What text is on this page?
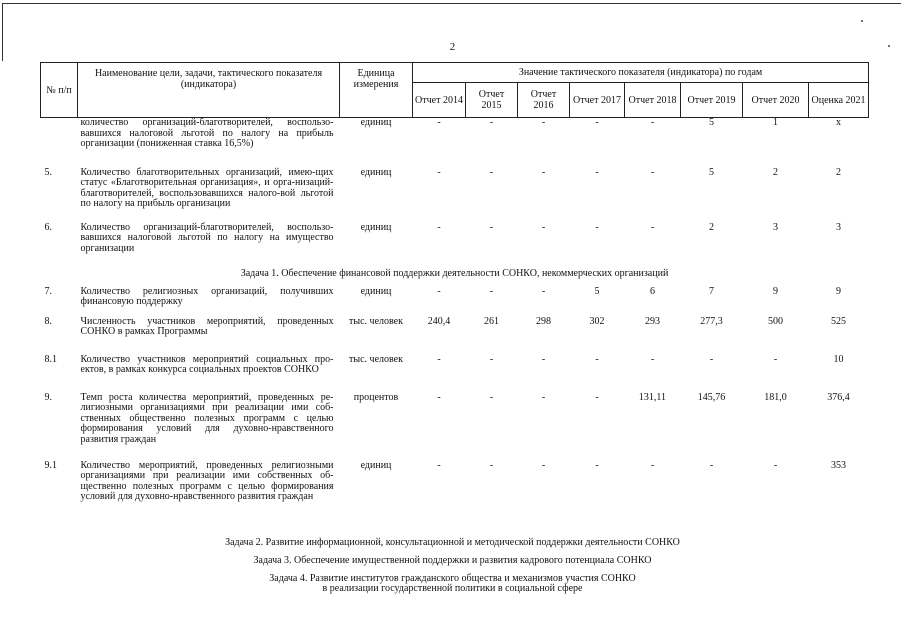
2
№ п/п	Наименование цели, задачи, тактического показателя (индикатора)	Единица измерения	Значение тактического показателя (индикатора) по годам							
			Отчет 2014	Отчет 2015	Отчет 2016	Отчет 2017	Отчет 2018	Отчет 2019	Отчет 2020	Оценка 2021
	количество организаций-благотворителей, воспользо-вавшихся налоговой льготой по налогу на прибыль организации (пониженная ставка 16,5%)	единиц	-	-	-	-	-	5	1	х
5.	Количество благотворительных организаций, имею-щих статус «Благотворительная организация», и орга-низаций-благотворителей, воспользовавшихся налого-вой льготой по налогу на прибыль организации	единиц	-	-	-	-	-	5	2	2
6.	Количество организаций-благотворителей, воспользо-вавшихся налоговой льготой по налогу на имущество организации	единиц	-	-	-	-	-	2	3	3
Задача 1. Обеспечение финансовой поддержки деятельности СОНКО, некоммерческих организаций										
7.	Количество религиозных организаций, получивших финансовую поддержку	единиц	-	-	-	5	6	7	9	9
8.	Численность участников мероприятий, проведенных СОНКО в рамках Программы	тыс. человек	240,4	261	298	302	293	277,3	500	525
8.1	Количество участников мероприятий социальных про-ектов, в рамках конкурса социальных проектов СОНКО	тыс. человек	-	-	-	-	-	-	-	10
9.	Темп роста количества мероприятий, проведенных ре-лигиозными организациями при реализации ими соб-ственных общественно полезных программ с целью формирования условий для духовно-нравственного развития граждан	процентов	-	-	-	-	131,11	145,76	181,0	376,4
9.1	Количество мероприятий, проведенных религиозными организациями при реализации ими собственных об-щественно полезных программ с целью формирования условий для духовно-нравственного развития граждан	единиц	-	-	-	-	-	-	-	353
Задача 2. Развитие информационной, консультационной и методической поддержки деятельности СОНКО
Задача 3. Обеспечение имущественной поддержки и развития кадрового потенциала СОНКО
Задача 4. Развитие институтов гражданского общества и механизмов участия СОНКО
в реализации государственной политики в социальной сфере
